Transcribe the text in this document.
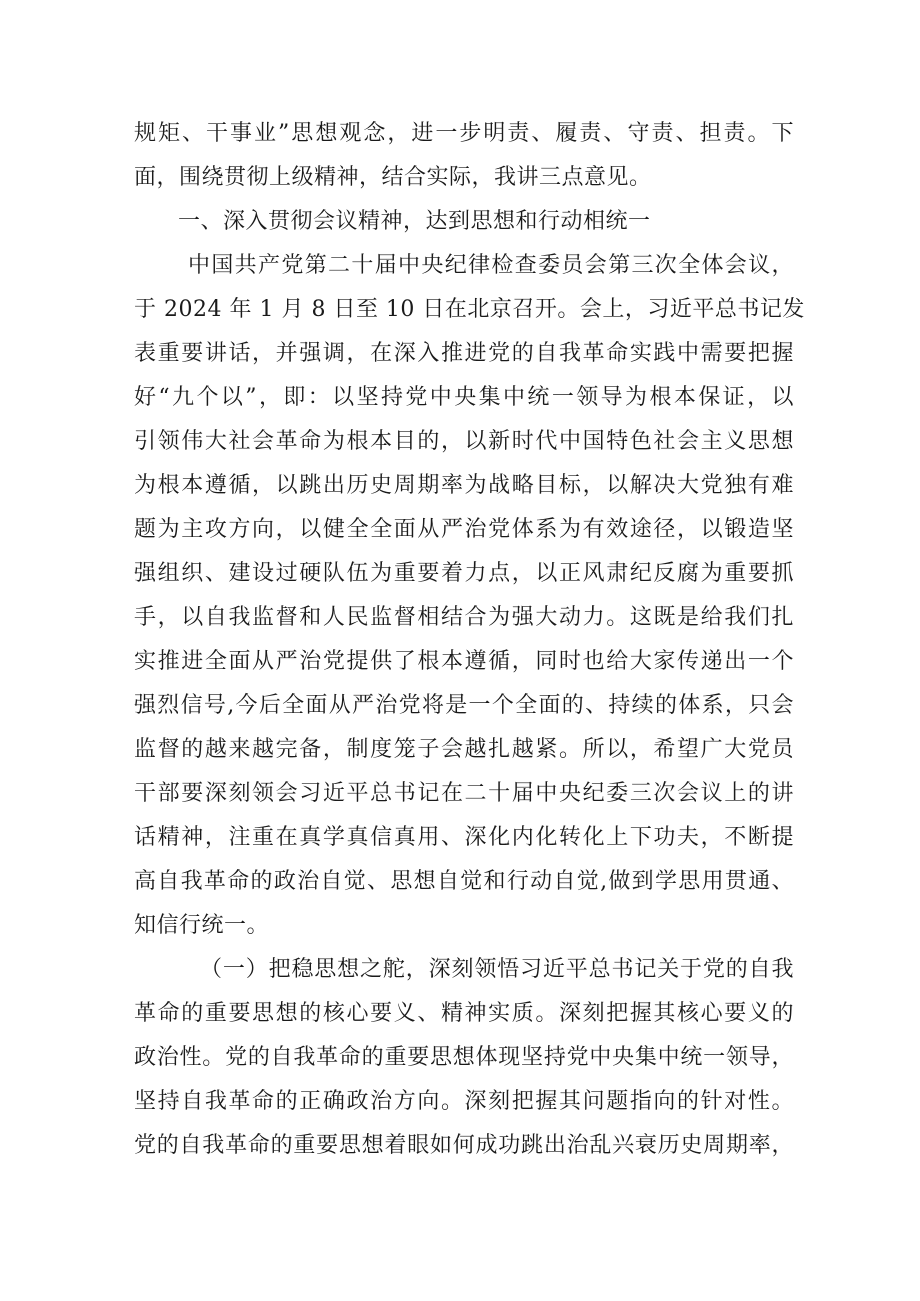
规矩、干事业”思想观念，进一步明责、履责、守责、担责。下
面，围绕贯彻上级精神，结合实际，我讲三点意见。
一、深入贯彻会议精神，达到思想和行动相统一
中国共产党第二十届中央纪律检查委员会第三次全体会议，
于 2024 年 1 月 8 日至 10 日在北京召开。会上，习近平总书记发
表重要讲话，并强调，在深入推进党的自我革命实践中需要把握
好“九个以”，即：以坚持党中央集中统一领导为根本保证，以
引领伟大社会革命为根本目的，以新时代中国特色社会主义思想
为根本遵循，以跳出历史周期率为战略目标，以解决大党独有难
题为主攻方向，以健全全面从严治党体系为有效途径，以锻造坚
强组织、建设过硬队伍为重要着力点，以正风肃纪反腐为重要抓
手，以自我监督和人民监督相结合为强大动力。这既是给我们扎
实推进全面从严治党提供了根本遵循，同时也给大家传递出一个
强烈信号,今后全面从严治党将是一个全面的、持续的体系，只会
监督的越来越完备，制度笼子会越扎越紧。所以，希望广大党员
干部要深刻领会习近平总书记在二十届中央纪委三次会议上的讲
话精神，注重在真学真信真用、深化内化转化上下功夫，不断提
高自我革命的政治自觉、思想自觉和行动自觉,做到学思用贯通、
知信行统一。
（一）把稳思想之舵，深刻领悟习近平总书记关于党的自我
革命的重要思想的核心要义、精神实质。深刻把握其核心要义的
政治性。党的自我革命的重要思想体现坚持党中央集中统一领导，
坚持自我革命的正确政治方向。深刻把握其问题指向的针对性。
党的自我革命的重要思想着眼如何成功跳出治乱兴衰历史周期率，
